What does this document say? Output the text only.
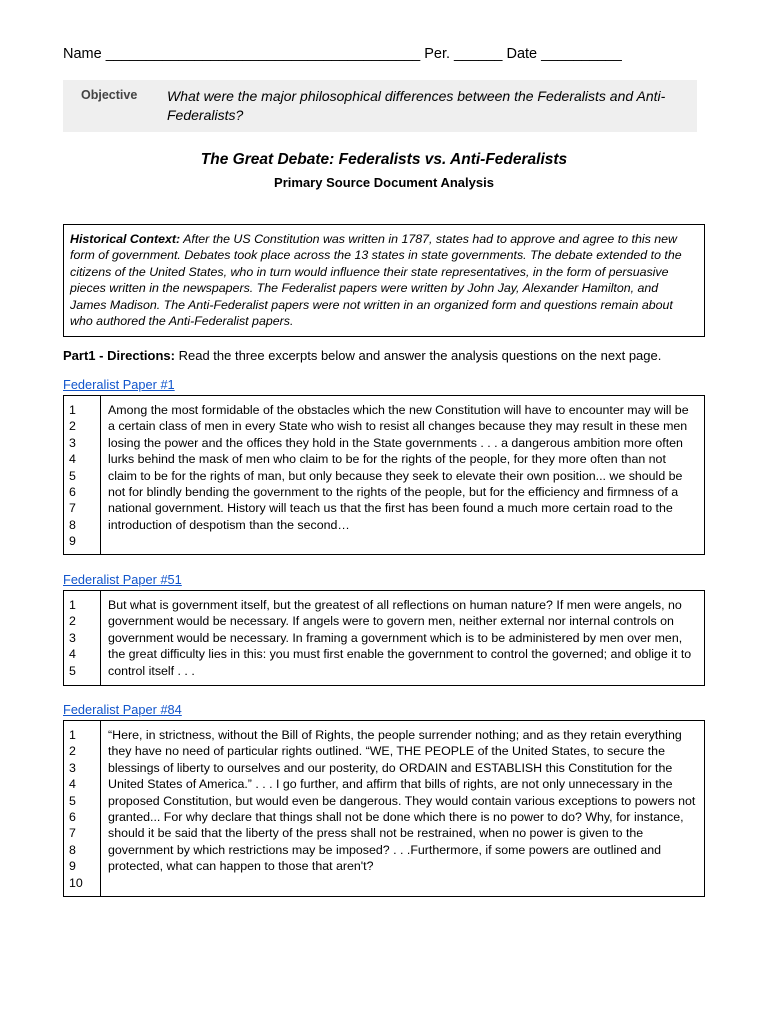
Name _______________________________________ Per. ______ Date __________
Objective What were the major philosophical differences between the Federalists and Anti-Federalists?
The Great Debate: Federalists vs. Anti-Federalists
Primary Source Document Analysis
Historical Context: After the US Constitution was written in 1787, states had to approve and agree to this new form of government. Debates took place across the 13 states in state governments. The debate extended to the citizens of the United States, who in turn would influence their state representatives, in the form of persuasive pieces written in the newspapers. The Federalist papers were written by John Jay, Alexander Hamilton, and James Madison. The Anti-Federalist papers were not written in an organized form and questions remain about who authored the Anti-Federalist papers.
Part1 - Directions: Read the three excerpts below and answer the analysis questions on the next page.
Federalist Paper #1
1
2
3
4
5
6
7
8
9
Among the most formidable of the obstacles which the new Constitution will have to encounter may will be a certain class of men in every State who wish to resist all changes because they may result in these men losing the power and the offices they hold in the State governments . . . a dangerous ambition more often lurks behind the mask of men who claim to be for the rights of the people, for they more often than not claim to be for the rights of man, but only because they seek to elevate their own position... we should be not for blindly bending the government to the rights of the people, but for the efficiency and firmness of a national government. History will teach us that the first has been found a much more certain road to the introduction of despotism than the second…
Federalist Paper #51
1
2
3
4
5
But what is government itself, but the greatest of all reflections on human nature? If men were angels, no government would be necessary. If angels were to govern men, neither external nor internal controls on government would be necessary. In framing a government which is to be administered by men over men, the great difficulty lies in this: you must first enable the government to control the governed; and oblige it to control itself . . .
Federalist Paper #84
1
2
3
4
5
6
7
8
9
10
“Here, in strictness, without the Bill of Rights, the people surrender nothing; and as they retain everything they have no need of particular rights outlined. “WE, THE PEOPLE of the United States, to secure the blessings of liberty to ourselves and our posterity, do ORDAIN and ESTABLISH this Constitution for the United States of America.” . . . I go further, and affirm that bills of rights, are not only unnecessary in the proposed Constitution, but would even be dangerous. They would contain various exceptions to powers not granted... For why declare that things shall not be done which there is no power to do? Why, for instance, should it be said that the liberty of the press shall not be restrained, when no power is given to the government by which restrictions may be imposed? . . .Furthermore, if some powers are outlined and protected, what can happen to those that aren't?
